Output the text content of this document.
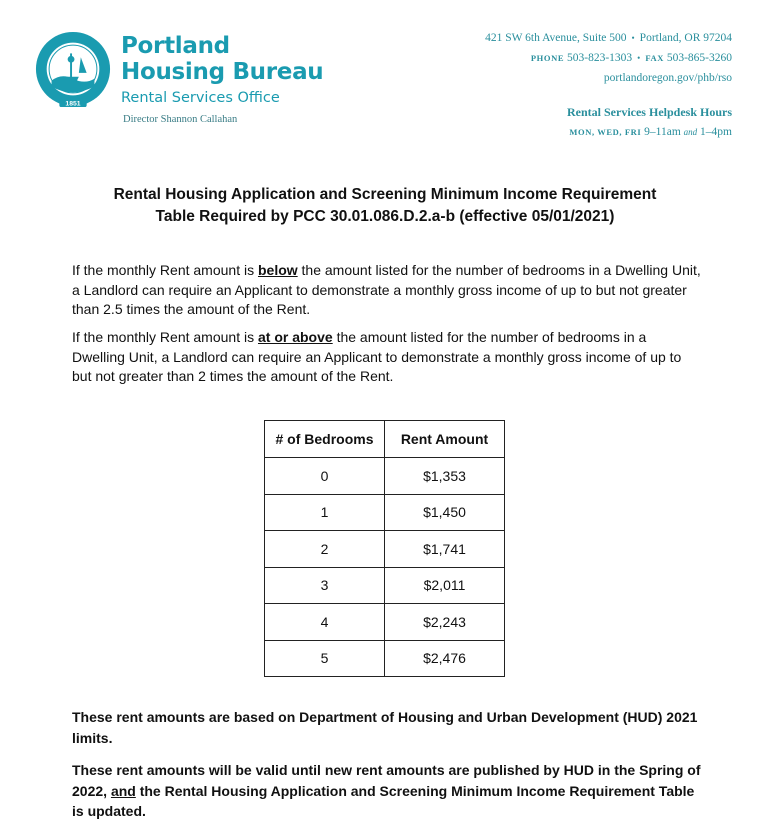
1851
Portland
Housing Bureau
Rental Services Office
Director Shannon Callahan
421 SW 6th Avenue, Suite 500 • Portland, OR 97204
PHONE 503-823-1303 • FAX 503-865-3260
portlandoregon.gov/phb/rso
Rental Services Helpdesk Hours
MON, WED, FRI 9–11am and 1–4pm
Rental Housing Application and Screening Minimum Income Requirement
Table Required by PCC 30.01.086.D.2.a-b (effective 05/01/2021)

If the monthly Rent amount is below the amount listed for the number of bedrooms in a Dwelling Unit, a Landlord can require an Applicant to demonstrate a monthly gross income of up to but not greater than 2.5 times the amount of the Rent.

If the monthly Rent amount is at or above the amount listed for the number of bedrooms in a Dwelling Unit, a Landlord can require an Applicant to demonstrate a monthly gross income of up to but not greater than 2 times the amount of the Rent.

# of Bedrooms	Rent Amount
0	$1,353
1	$1,450
2	$1,741
3	$2,011
4	$2,243
5	$2,476

These rent amounts are based on Department of Housing and Urban Development (HUD) 2021 limits.

These rent amounts will be valid until new rent amounts are published by HUD in the Spring of 2022, and the Rental Housing Application and Screening Minimum Income Requirement Table is updated.
